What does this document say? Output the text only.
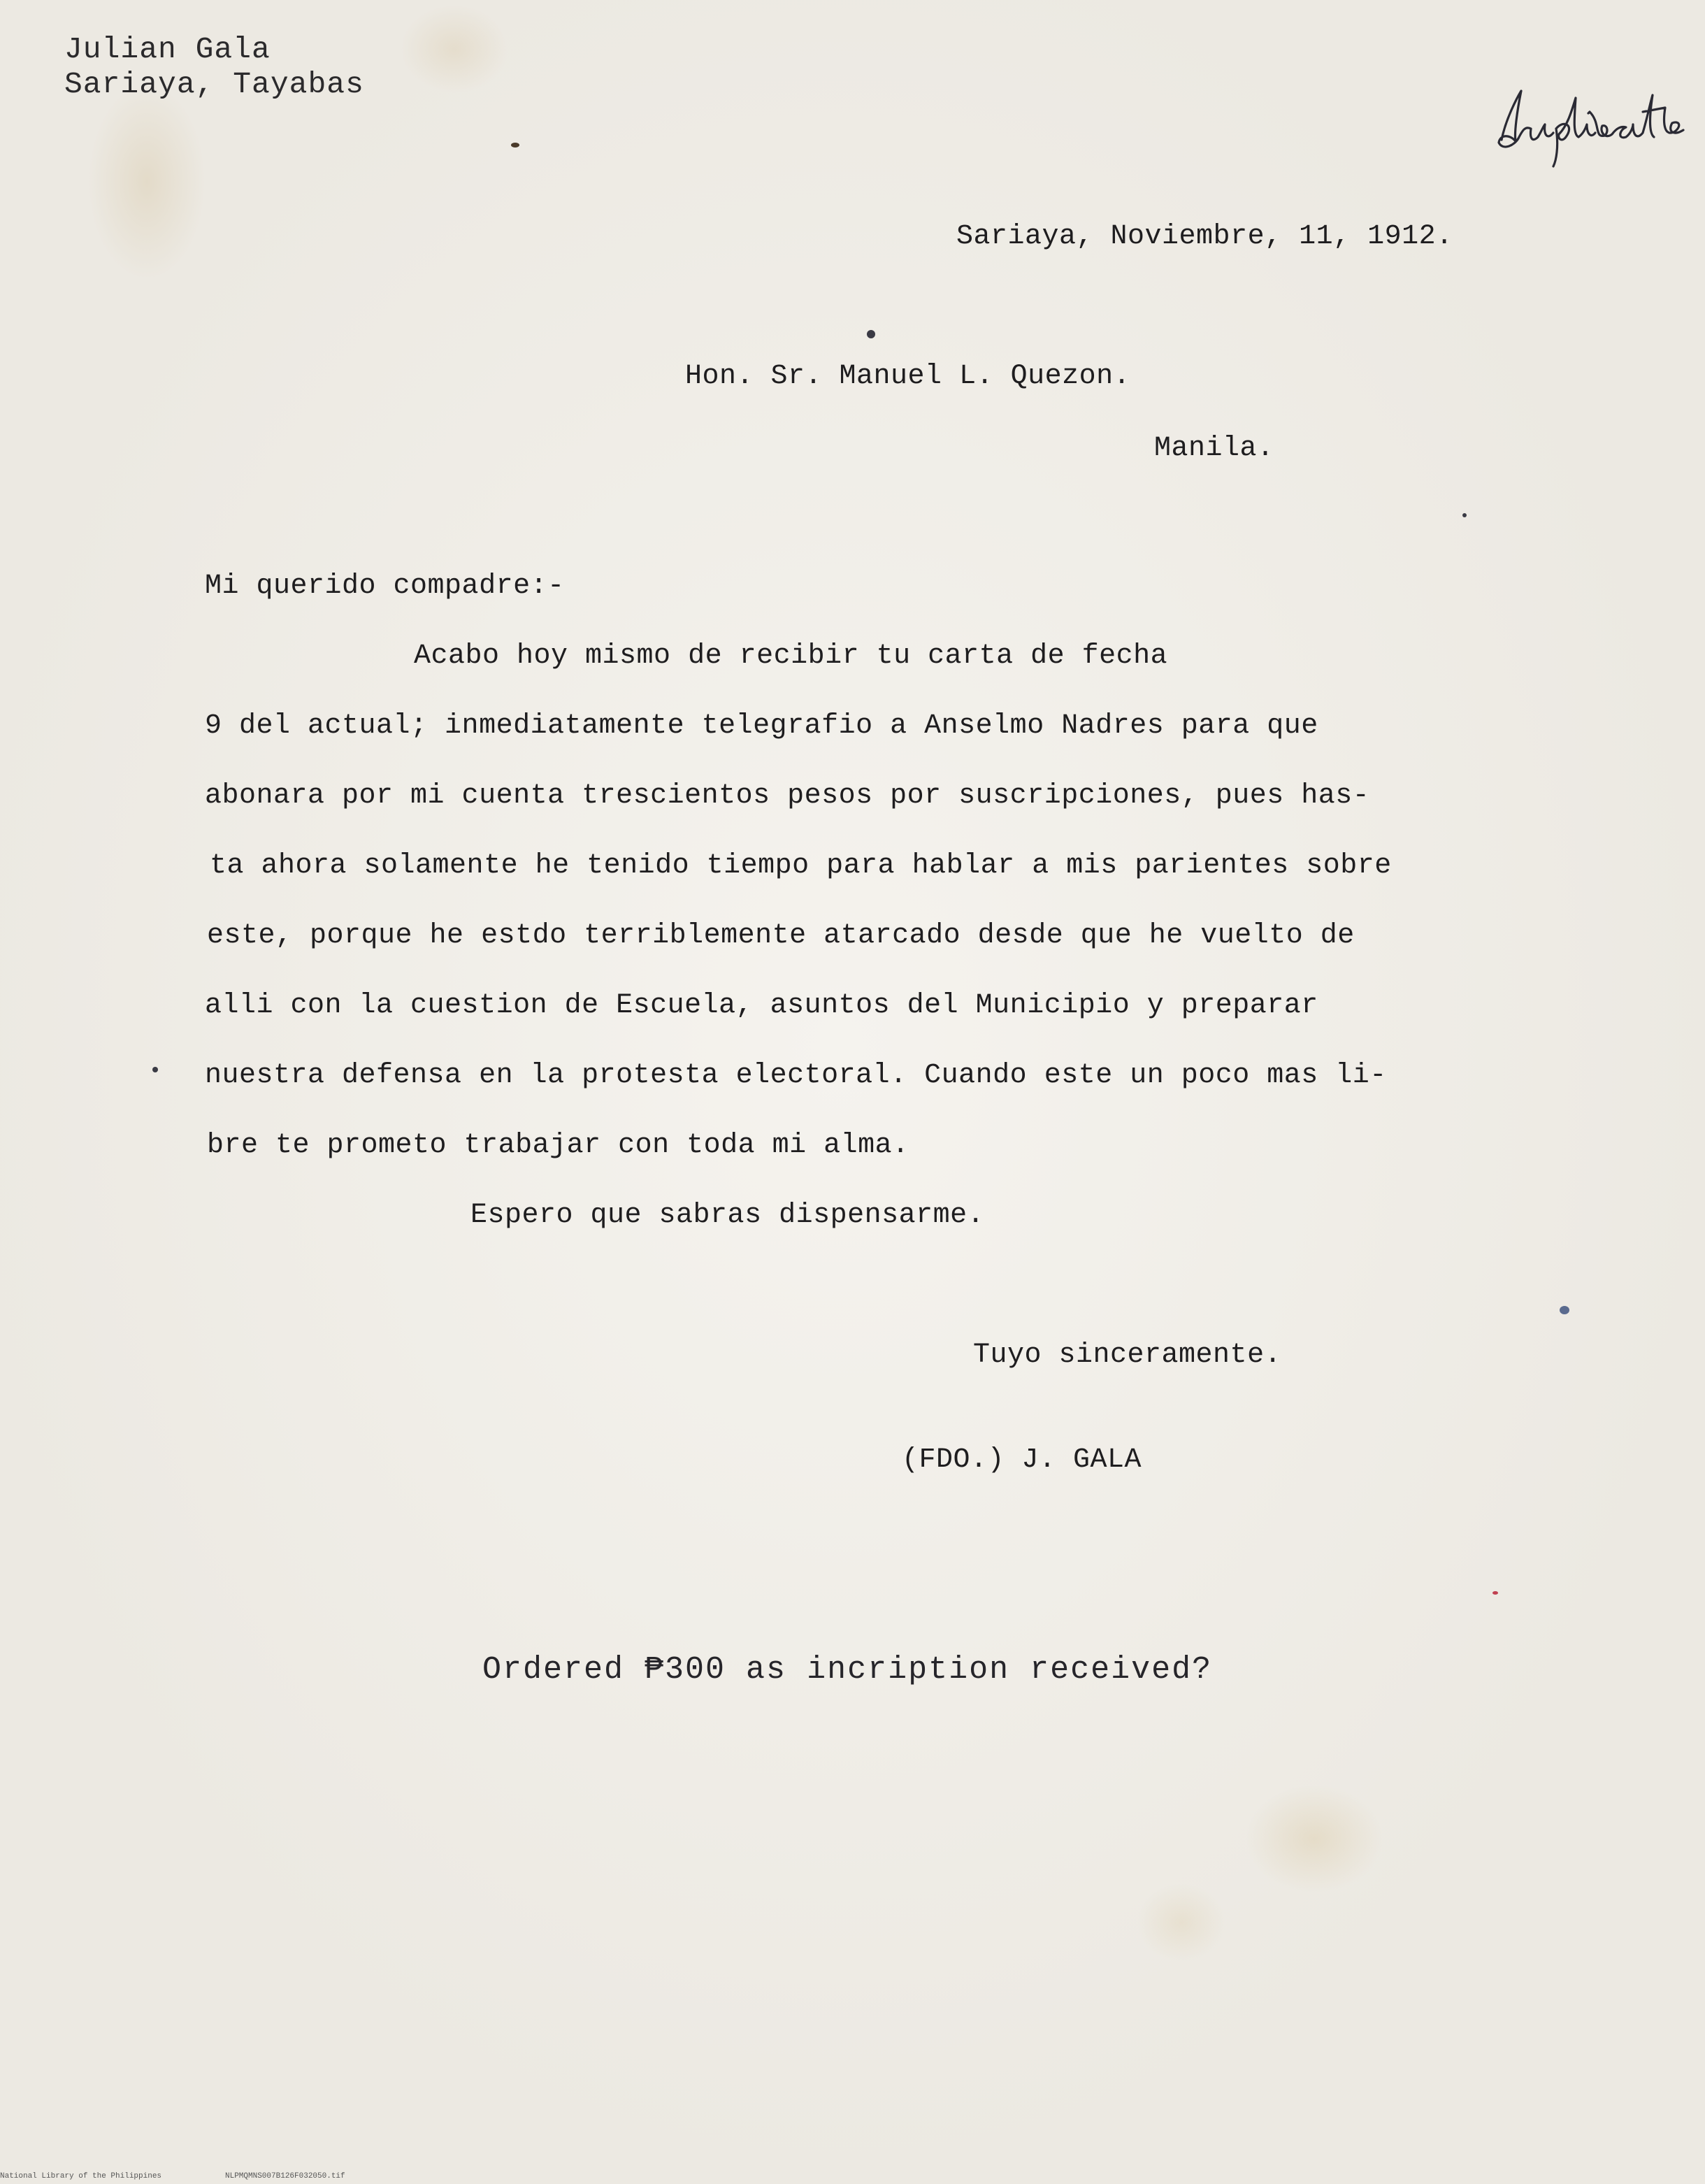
Julian Gala
Sariaya, Tayabas	duplicate
Sariaya, Noviembre, 11, 1912.
Hon. Sr. Manuel L. Quezon.
Manila.
Mi querido compadre:-
Acabo hoy mismo de recibir tu carta de fecha
9 del actual; inmediatamente telegrafio a Anselmo Nadres para que
abonara por mi cuenta trescientos pesos por suscripciones, pues has-
ta ahora solamente he tenido tiempo para hablar a mis parientes sobre
este, porque he estdo terriblemente atarcado desde que he vuelto de
alli con la cuestion de Escuela, asuntos del Municipio y preparar
nuestra defensa en la protesta electoral. Cuando este un poco mas li-
bre te prometo trabajar con toda mi alma.
Espero que sabras dispensarme.
Tuyo sinceramente.
(FDO.) J. GALA
Ordered ₱300 as incription received?
National Library of the Philippines	NLPMQMNS007B126F032050.tif
